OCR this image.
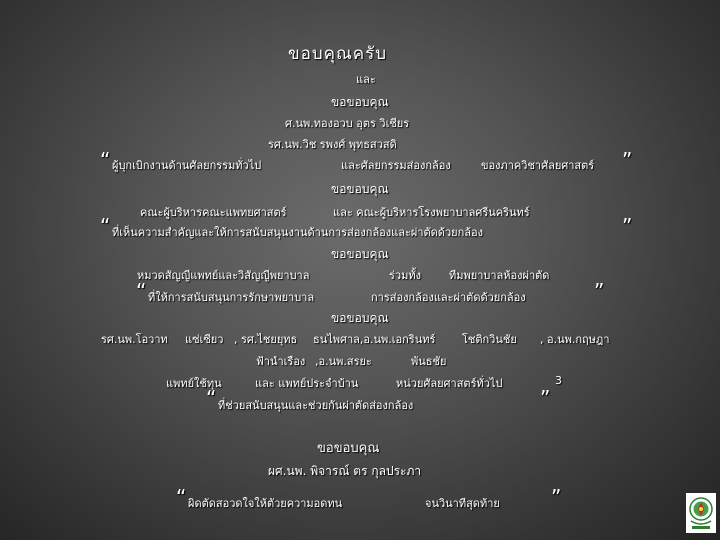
ขอบคุณครับ
และ
ขอขอบคุณ
ศ.นพ.ทองอวบ อุตร วิเชียร
รศ.นพ.วิช รพงศ์ พุทธสวสดิ
“ ผู้บุกเบิกงานด้านศัลยกรรมทั่วไป	และศัลยกรรมส่องกล้อง	ของภาควิชาศัลยศาสตร์ ”
ขอขอบคุณ
คณะผู้บริหารคณะแพทยศาสตร์	และ คณะผู้บริหารโรงพยาบาลศรีนครินทร์
“ ที่เห็นความสำคัญและให้การสนับสนุนงานด้านการส่องกล้องและผ่าตัดด้วยกล้อง	”
ขอขอบคุณ
หมวดสัญญีแพทย์และวิสัญญีพยาบาล	ร่วมทั้ง	ทีมพยาบาลห้องผ่าตัด
“ ที่ให้การสนับสนุนการรักษาพยาบาล	การส่องกล้องและผ่าตัดด้วยกล้อง	”
ขอขอบคุณ
รศ.นพ.โอวาท แซ่เซียว , รศ.ไชยยุทธ ธนไพศาล,อ.นพ.เอกรินทร์ โชติกวินชัย , อ.นพ.กฤษฎา
ฟ้านำเรือง ,อ.นพ.สรยะ	พันธชัย
แพทย์ใช้ทุน	และ แพทย์ประจำบ้าน	หน่วยศัลยศาสตร์ทั่วไป	3
“ ที่ช่วยสนับสนุนและช่วยกันผ่าตัดส่องกล้อง	”
ขอขอบคุณ
ผศ.นพ. พิจารณ์ ตร กุลประภา
“ ผิดตัดสอวดใจให้ตัวยความอดทน	จนวินาทีสุดท้าย	”
